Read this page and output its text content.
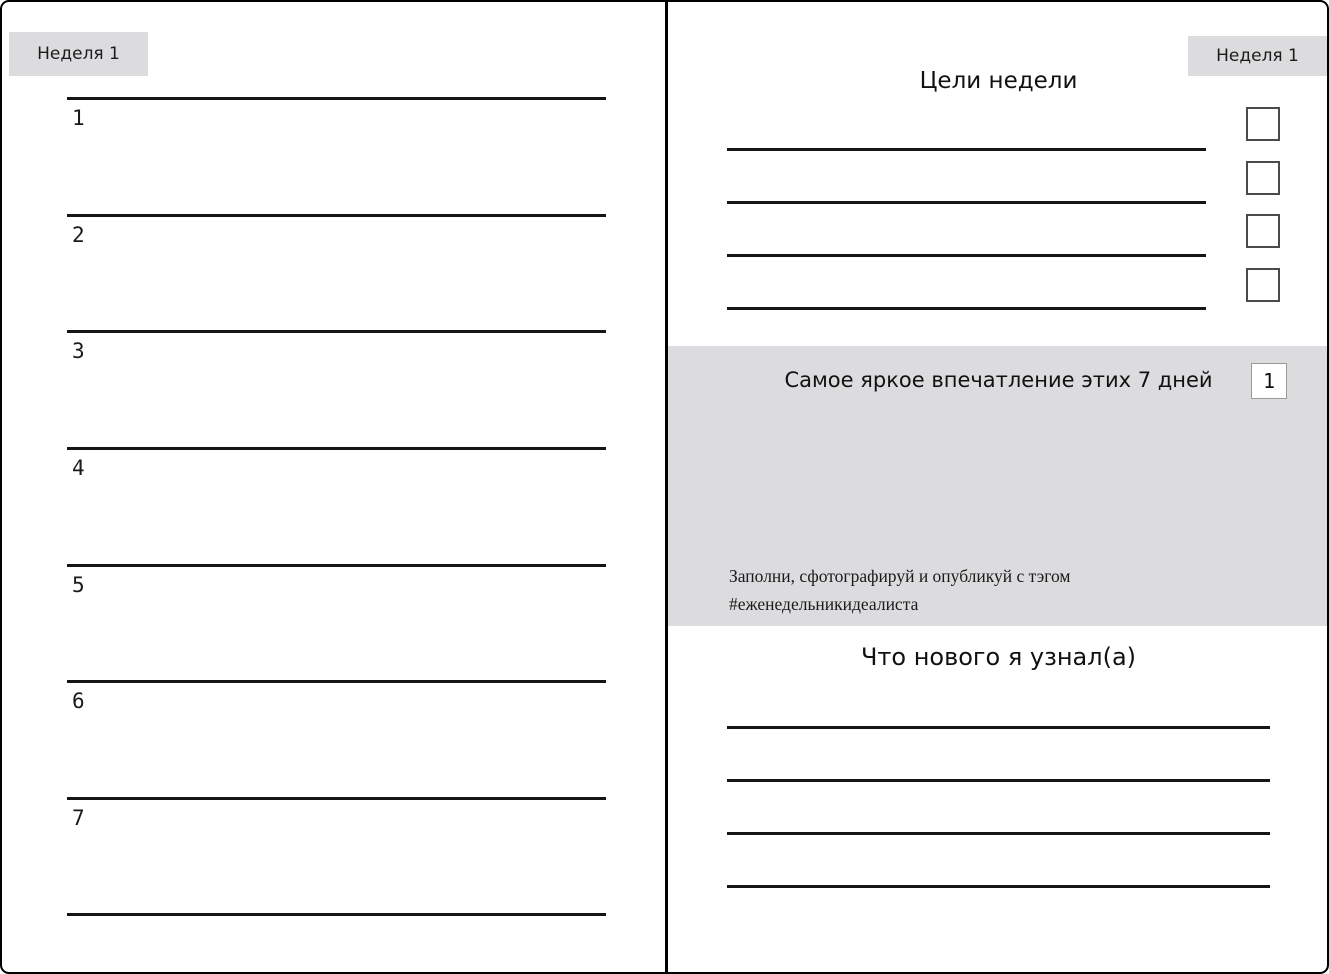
Неделя 1
1
2
3
4
5
6
7
Неделя 1
Цели недели
Самое яркое впечатление этих 7 дней	1

Заполни, сфотографируй и опубликуй с тэгом
#еженедельникидеалиста

Что нового я узнал(а)
